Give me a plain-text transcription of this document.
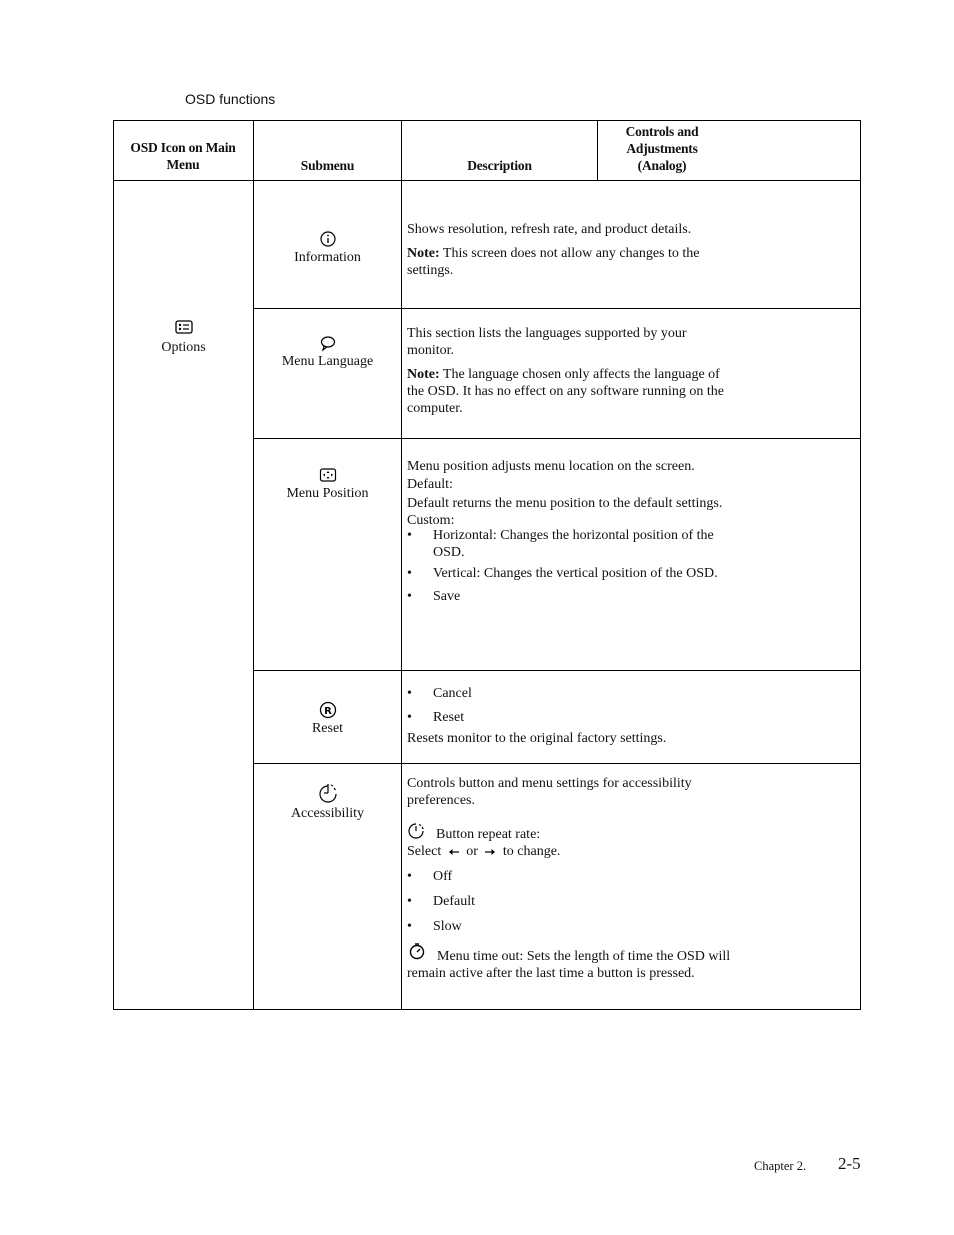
OSD functions
OSD Icon on Main Menu	Submenu	Description
Controls and Adjustments (Analog)
Options
Information

Shows resolution, refresh rate, and product details.

Note: This screen does not allow any changes to the settings.

Menu Language

This section lists the languages supported by your monitor.

Note: The language chosen only affects the language of the OSD. It has no effect on any software running on the computer.

Menu Position

Menu position adjusts menu location on the screen.

Default:

Default returns the menu position to the default settings.

Custom:

• Horizontal: Changes the horizontal position of the OSD.

• Vertical: Changes the vertical position of the OSD.

• Save

R
Reset

• Cancel

• Reset

Resets monitor to the original factory settings.

Accessibility

Controls button and menu settings for accessibility preferences.

Button repeat rate:

Select or to change.

• Off

• Default

• Slow

Menu time out: Sets the length of time the OSD will remain active after the last time a button is pressed.

Chapter 2. 2-5
